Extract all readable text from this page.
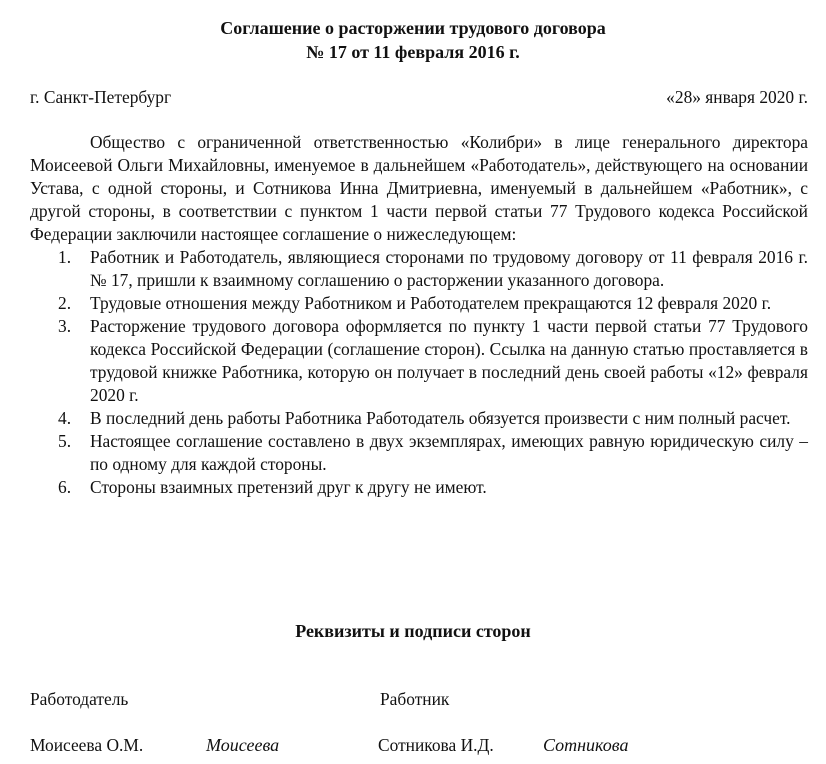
Соглашение о расторжении трудового договора
№ 17 от 11 февраля 2016 г.
г. Санкт-Петербург	«28» января 2020 г.

Общество с ограниченной ответственностью «Колибри» в лице генерального директора Моисеевой Ольги Михайловны, именуемое в дальнейшем «Работодатель», действующего на основании Устава, с одной стороны, и Сотникова Инна Дмитриевна, именуемый в дальнейшем «Работник», с другой стороны, в соответствии с пунктом 1 части первой статьи 77 Трудового кодекса Российской Федерации заключили настоящее соглашение о нижеследующем:

1. Работник и Работодатель, являющиеся сторонами по трудовому договору от 11 февраля 2016 г. № 17, пришли к взаимному соглашению о расторжении указанного договора.
2. Трудовые отношения между Работником и Работодателем прекращаются 12 февраля 2020 г.
3. Расторжение трудового договора оформляется по пункту 1 части первой статьи 77 Трудового кодекса Российской Федерации (соглашение сторон). Ссылка на данную статью проставляется в трудовой книжке Работника, которую он получает в последний день своей работы «12» февраля 2020 г.
4. В последний день работы Работника Работодатель обязуется произвести с ним полный расчет.
5. Настоящее соглашение составлено в двух экземплярах, имеющих равную юридическую силу – по одному для каждой стороны.
6. Стороны взаимных претензий друг к другу не имеют.
Реквизиты и подписи сторон
Работодатель	Работник
Моисеева О.М.	Моисеева	Сотникова И.Д.	Сотникова
